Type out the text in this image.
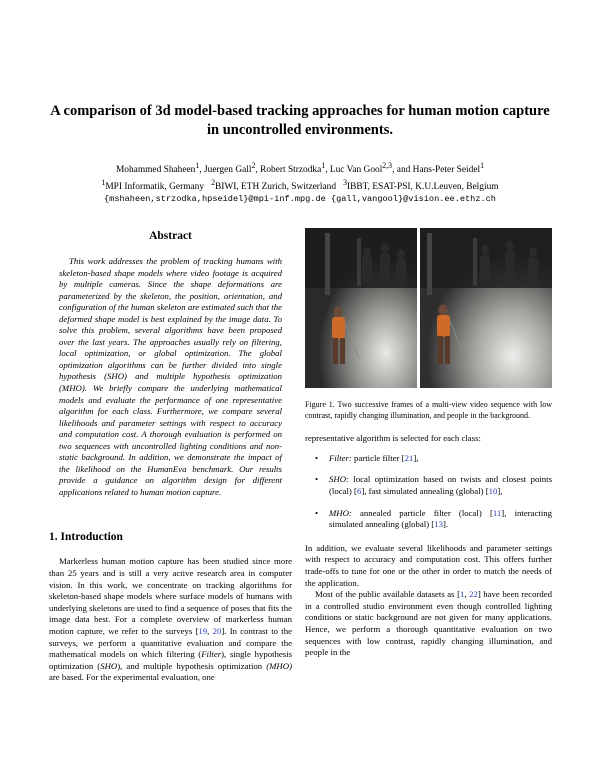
A comparison of 3d model-based tracking approaches for human motion capture
in uncontrolled environments.
Mohammed Shaheen$^1$, Juergen Gall$^2$, Robert Strzodka$^1$, Luc Van Gool$^{2,3}$, and Hans-Peter Seidel$^1$
$^1$MPI Informatik, Germany $^2$BIWI, ETH Zurich, Switzerland $^3$IBBT, ESAT-PSI, K.U.Leuven, Belgium
{mshaheen,strzodka,hpseidel}@mpi-inf.mpg.de {gall,vangool}@vision.ee.ethz.ch
Abstract

This work addresses the problem of tracking humans with skeleton-based shape models where video footage is acquired by multiple cameras. Since the shape deformations are parameterized by the skeleton, the position, orientation, and configuration of the human skeleton are estimated such that the deformed shape model is best explained by the image data. To solve this problem, several algorithms have been proposed over the last years. The approaches usually rely on filtering, local optimization, or global optimization. The global optimization algorithms can be further divided into single hypothesis (SHO) and multiple hypothesis optimization (MHO). We briefly compare the underlying mathematical models and evaluate the performance of one representative algorithm for each class. Furthermore, we compare several likelihoods and parameter settings with respect to accuracy and computation cost. A thorough evaluation is performed on two sequences with uncontrolled lighting conditions and non-static background. In addition, we demonstrate the impact of the likelihood on the HumanEva benchmark. Our results provide a guidance on algorithm design for different applications related to human motion capture.

1. Introduction

Markerless human motion capture has been studied since more than 25 years and is still a very active research area in computer vision. In this work, we concentrate on tracking algorithms for skeleton-based shape models where surface models of humans with underlying skeletons are used to find a sequence of poses that fits the image data best. For a complete overview of markerless human motion capture, we refer to the surveys [19, 20]. In contrast to the surveys, we perform a quantitative evaluation and compare the mathematical models on which filtering (Filter), single hypothesis optimization (SHO), and multiple hypothesis optimization (MHO) are based. For the experimental evaluation, one

Figure 1. Two successive frames of a multi-view video sequence with low contrast, rapidly changing illumination, and people in the background.

representative algorithm is selected for each class:

• Filter: particle filter [21],
• SHO: local optimization based on twists and closest points (local) [6], fast simulated annealing (global) [10],
• MHO: annealed particle filter (local) [11], interacting simulated annealing (global) [13].

In addition, we evaluate several likelihoods and parameter settings with respect to accuracy and computation cost. This offers further trade-offs to tune for one or the other in order to match the needs of the application.

Most of the public available datasets as [1, 22] have been recorded in a controlled studio environment even though controlled lighting conditions or static background are not given for many applications. Hence, we perform a thorough quantitative evaluation on two sequences with low contrast, rapidly changing illumination, and people in the
